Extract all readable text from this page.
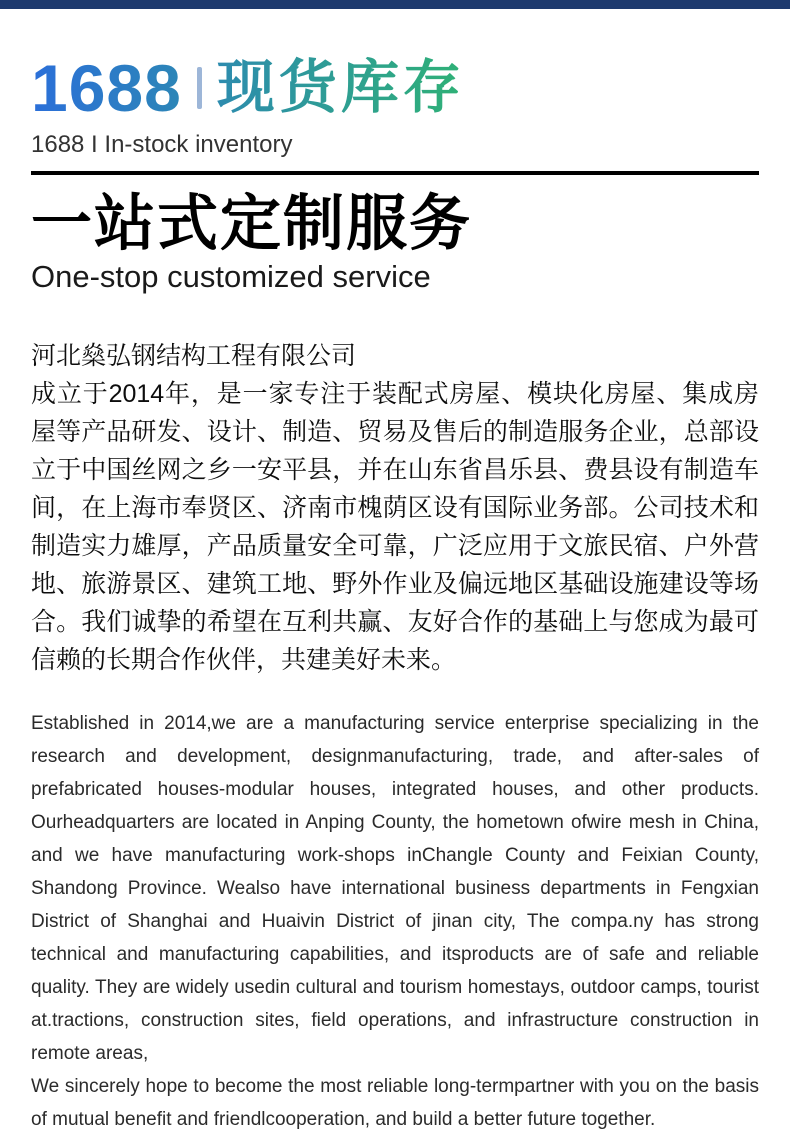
1688 现货库存
1688 I In-stock inventory
一站式定制服务
One-stop customized service
河北燊弘钢结构工程有限公司
成立于2014年，是一家专注于装配式房屋、模块化房屋、集成房屋等产品研发、设计、制造、贸易及售后的制造服务企业，总部设立于中国丝网之乡一安平县，并在山东省昌乐县、费县设有制造车间，在上海市奉贤区、济南市槐荫区设有国际业务部。公司技术和制造实力雄厚，产品质量安全可靠，广泛应用于文旅民宿、户外营地、旅游景区、建筑工地、野外作业及偏远地区基础设施建设等场合。我们诚挚的希望在互利共赢、友好合作的基础上与您成为最可信赖的长期合作伙伴，共建美好未来。

Established in 2014,we are a manufacturing service enterprise specializing in the research and development, designmanufacturing, trade, and after-sales of prefabricated houses-modular houses, integrated houses, and other products. Ourheadquarters are located in Anping County, the hometown ofwire mesh in China, and we have manufacturing work-shops inChangle County and Feixian County, Shandong Province. Wealso have international business departments in Fengxian District of Shanghai and Huaivin District of jinan city, The compa.ny has strong technical and manufacturing capabilities, and itsproducts are of safe and reliable quality. They are widely usedin cultural and tourism homestays, outdoor camps, tourist at.tractions, construction sites, field operations, and infrastructure construction in remote areas,

We sincerely hope to become the most reliable long-termpartner with you on the basis of mutual benefit and friendlcooperation, and build a better future together.
